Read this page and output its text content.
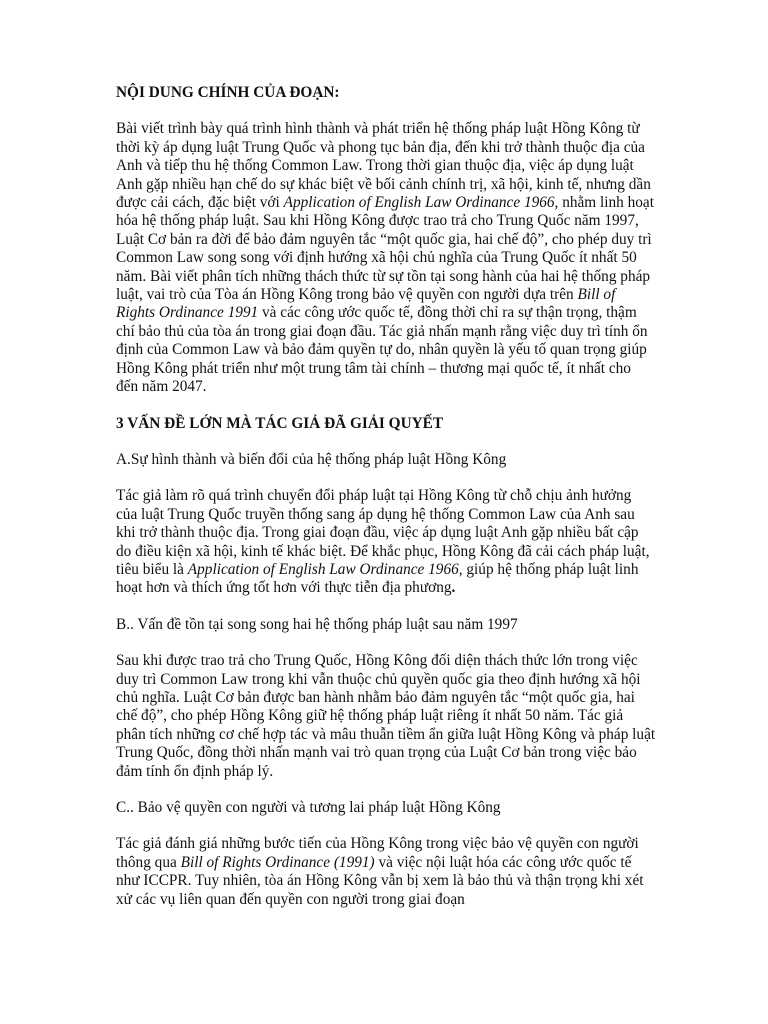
NỘI DUNG CHÍNH CỦA ĐOẠN:

Bài viết trình bày quá trình hình thành và phát triển hệ thống pháp luật Hồng Kông từ thời kỳ áp dụng luật Trung Quốc và phong tục bản địa, đến khi trở thành thuộc địa của Anh và tiếp thu hệ thống Common Law. Trong thời gian thuộc địa, việc áp dụng luật Anh gặp nhiều hạn chế do sự khác biệt về bối cảnh chính trị, xã hội, kinh tế, nhưng dần được cải cách, đặc biệt với Application of English Law Ordinance 1966, nhằm linh hoạt hóa hệ thống pháp luật. Sau khi Hồng Kông được trao trả cho Trung Quốc năm 1997, Luật Cơ bản ra đời để bảo đảm nguyên tắc “một quốc gia, hai chế độ”, cho phép duy trì Common Law song song với định hướng xã hội chủ nghĩa của Trung Quốc ít nhất 50 năm. Bài viết phân tích những thách thức từ sự tồn tại song hành của hai hệ thống pháp luật, vai trò của Tòa án Hồng Kông trong bảo vệ quyền con người dựa trên Bill of Rights Ordinance 1991 và các công ước quốc tế, đồng thời chỉ ra sự thận trọng, thậm chí bảo thủ của tòa án trong giai đoạn đầu. Tác giả nhấn mạnh rằng việc duy trì tính ổn định của Common Law và bảo đảm quyền tự do, nhân quyền là yếu tố quan trọng giúp Hồng Kông phát triển như một trung tâm tài chính – thương mại quốc tế, ít nhất cho đến năm 2047.

3 VẤN ĐỀ LỚN MÀ TÁC GIẢ ĐÃ GIẢI QUYẾT

A.Sự hình thành và biến đổi của hệ thống pháp luật Hồng Kông

Tác giả làm rõ quá trình chuyển đổi pháp luật tại Hồng Kông từ chỗ chịu ảnh hưởng của luật Trung Quốc truyền thống sang áp dụng hệ thống Common Law của Anh sau khi trở thành thuộc địa. Trong giai đoạn đầu, việc áp dụng luật Anh gặp nhiều bất cập do điều kiện xã hội, kinh tế khác biệt. Để khắc phục, Hồng Kông đã cải cách pháp luật, tiêu biểu là Application of English Law Ordinance 1966, giúp hệ thống pháp luật linh hoạt hơn và thích ứng tốt hơn với thực tiễn địa phương.

B.. Vấn đề tồn tại song song hai hệ thống pháp luật sau năm 1997

Sau khi được trao trả cho Trung Quốc, Hồng Kông đối diện thách thức lớn trong việc duy trì Common Law trong khi vẫn thuộc chủ quyền quốc gia theo định hướng xã hội chủ nghĩa. Luật Cơ bản được ban hành nhằm bảo đảm nguyên tắc “một quốc gia, hai chế độ”, cho phép Hồng Kông giữ hệ thống pháp luật riêng ít nhất 50 năm. Tác giả phân tích những cơ chế hợp tác và mâu thuẫn tiềm ẩn giữa luật Hồng Kông và pháp luật Trung Quốc, đồng thời nhấn mạnh vai trò quan trọng của Luật Cơ bản trong việc bảo đảm tính ổn định pháp lý.

C.. Bảo vệ quyền con người và tương lai pháp luật Hồng Kông

Tác giả đánh giá những bước tiến của Hồng Kông trong việc bảo vệ quyền con người thông qua Bill of Rights Ordinance (1991) và việc nội luật hóa các công ước quốc tế như ICCPR. Tuy nhiên, tòa án Hồng Kông vẫn bị xem là bảo thủ và thận trọng khi xét xử các vụ liên quan đến quyền con người trong giai đoạn
